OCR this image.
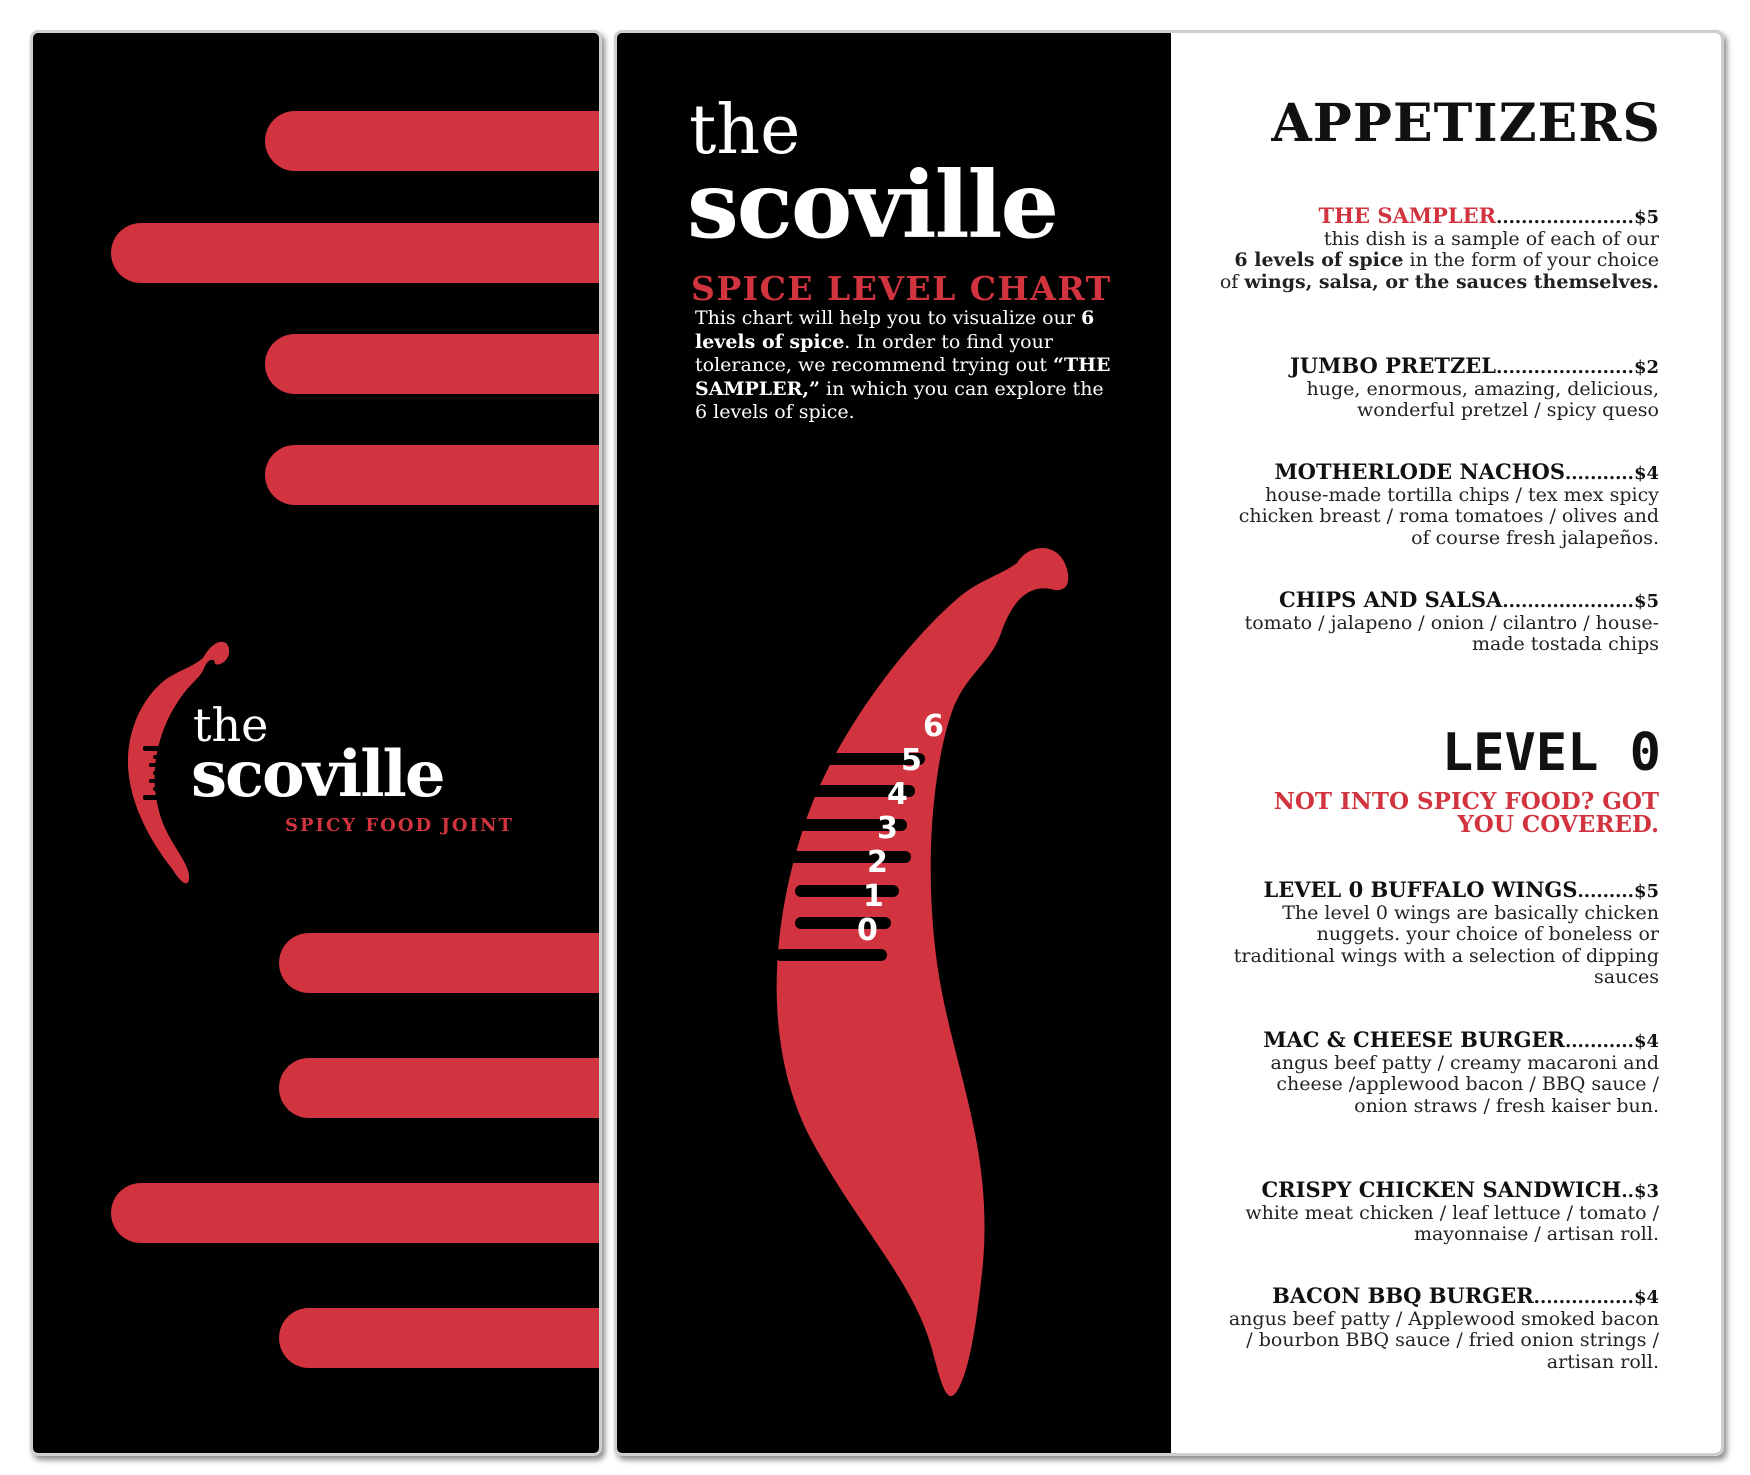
the
scoville
SPICY FOOD JOINT
the
scoville
SPICE LEVEL CHART
This chart will help you to visualize our 6 levels of spice. In order to find your tolerance, we recommend trying out “THE SAMPLER,” in which you can explore the 6 levels of spice.
6
5
4
3
2
1
0
APPETIZERS
THE SAMPLER......................$5
this dish is a sample of each of our
6 levels of spice in the form of your choice of wings, salsa, or the sauces themselves.
JUMBO PRETZEL......................$2
huge, enormous, amazing, delicious, wonderful pretzel / spicy queso
MOTHERLODE NACHOS...........$4
house-made tortilla chips / tex mex spicy chicken breast / roma tomatoes / olives and of course fresh jalapeños.
CHIPS AND SALSA.....................$5
tomato / jalapeno / onion / cilantro / house-made tostada chips
LEVEL 0
NOT INTO SPICY FOOD? GOT YOU COVERED.
LEVEL 0 BUFFALO WINGS.........$5
The level 0 wings are basically chicken nuggets. your choice of boneless or traditional wings with a selection of dipping sauces
MAC & CHEESE BURGER...........$4
angus beef patty / creamy macaroni and cheese /applewood bacon / BBQ sauce / onion straws / fresh kaiser bun.
CRISPY CHICKEN SANDWICH..$3
white meat chicken / leaf lettuce / tomato / mayonnaise / artisan roll.
BACON BBQ BURGER................$4
angus beef patty / Applewood smoked bacon / bourbon BBQ sauce / fried onion strings / artisan roll.
